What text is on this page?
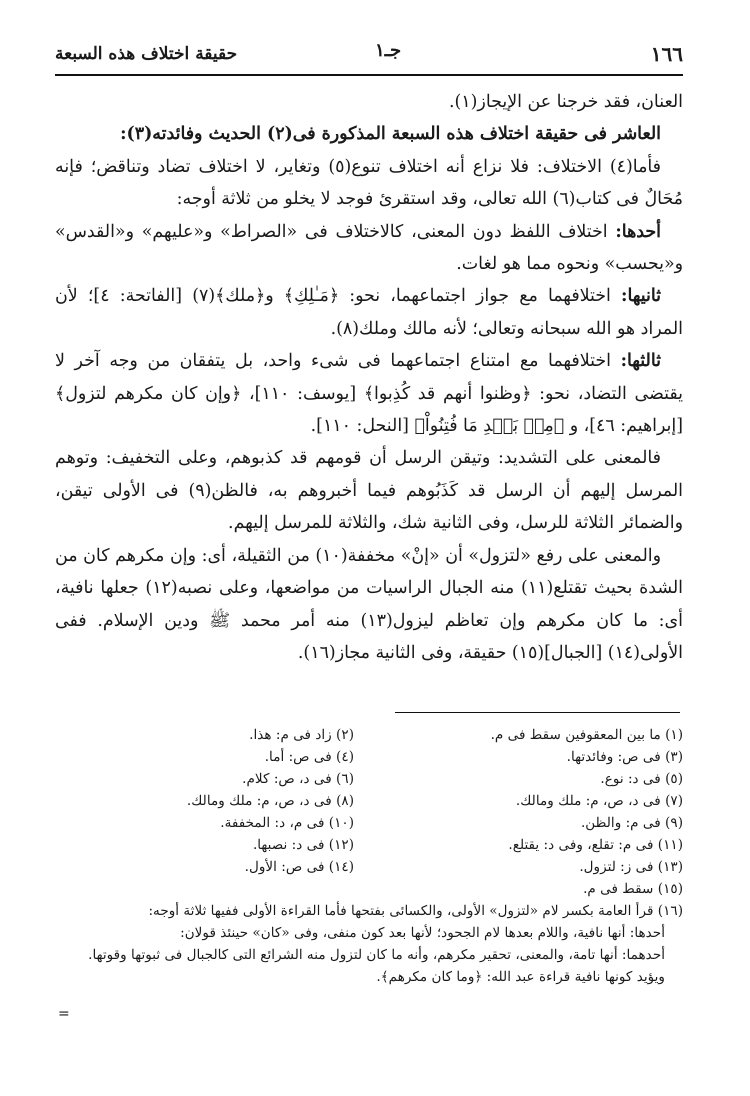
١٦٦
جـ١
حقيقة اختلاف هذه السبعة

العنان، فقد خرجنا عن الإيجاز(١).

العاشر فى حقيقة اختلاف هذه السبعة المذكورة فى(٢) الحديث وفائدته(٣):

فأما(٤) الاختلاف: فلا نزاع أنه اختلاف تنوع(٥) وتغاير، لا اختلاف تضاد وتناقض؛ فإنه مُحَالٌ فى كتاب(٦) الله تعالى، وقد استقرئ فوجد لا يخلو من ثلاثة أوجه:

أحدها: اختلاف اللفظ دون المعنى، كالاختلاف فى «الصراط» و«عليهم» و«القدس» و«يحسب» ونحوه مما هو لغات.

ثانيها: اختلافهما مع جواز اجتماعهما، نحو: ﴿مَـٰلِكِ﴾ و﴿ملك﴾(٧) [الفاتحة: ٤]؛ لأن المراد هو الله سبحانه وتعالى؛ لأنه مالك وملك(٨).

ثالثها: اختلافهما مع امتناع اجتماعهما فى شىء واحد، بل يتفقان من وجه آخر لا يقتضى التضاد، نحو: ﴿وظنوا أنهم قد كُذِبوا﴾ [يوسف: ١١٠]، ﴿وإن كان مكرهم لتزول﴾ [إبراهيم: ٤٦]، و ﴿مِنۢ بَعۡدِ مَا فُتِنُواْ﴾ [النحل: ١١٠].

فالمعنى على التشديد: وتيقن الرسل أن قومهم قد كذبوهم، وعلى التخفيف: وتوهم المرسل إليهم أن الرسل قد كَذَبُوهم فيما أخبروهم به، فالظن(٩) فى الأولى تيقن، والضمائر الثلاثة للرسل، وفى الثانية شك، والثلاثة للمرسل إليهم.

والمعنى على رفع «لتزول» أن «إنْ» مخففة(١٠) من الثقيلة، أى: وإن مكرهم كان من الشدة بحيث تقتلع(١١) منه الجبال الراسيات من مواضعها، وعلى نصبه(١٢) جعلها نافية، أى: ما كان مكرهم وإن تعاظم ليزول(١٣) منه أمر محمد ﷺ ودين الإسلام. ففى الأولى(١٤) [الجبال](١٥) حقيقة، وفى الثانية مجاز(١٦).

(١) ما بين المعقوفين سقط فى م.
(٢) زاد فى م: هذا.
(٣) فى ص: وفائدتها.
(٤) فى ص: أما.
(٥) فى د: نوع.
(٦) فى د، ص: كلام.
(٧) فى د، ص، م: ملك ومالك.
(٨) فى د، ص، م: ملك ومالك.
(٩) فى م: والظن.
(١٠) فى م، د: المخففة.
(١١) فى م: تقلع، وفى د: يقتلع.
(١٢) فى د: نصبها.
(١٣) فى ز: لتزول.
(١٤) فى ص: الأول.
(١٥) سقط فى م.

(١٦) قرأ العامة بكسر لام «لتزول» الأولى، والكسائى بفتحها فأما القراءة الأولى ففيها ثلاثة أوجه:

أحدها: أنها نافية، واللام بعدها لام الجحود؛ لأنها بعد كون منفى، وفى «كان» حينئذ قولان:

أحدهما: أنها تامة، والمعنى، تحقير مكرهم، وأنه ما كان لتزول منه الشرائع التى كالجبال فى ثبوتها وقوتها.

ويؤيد كونها نافية قراءة عبد الله: ﴿وما كان مكرهم﴾.

=
